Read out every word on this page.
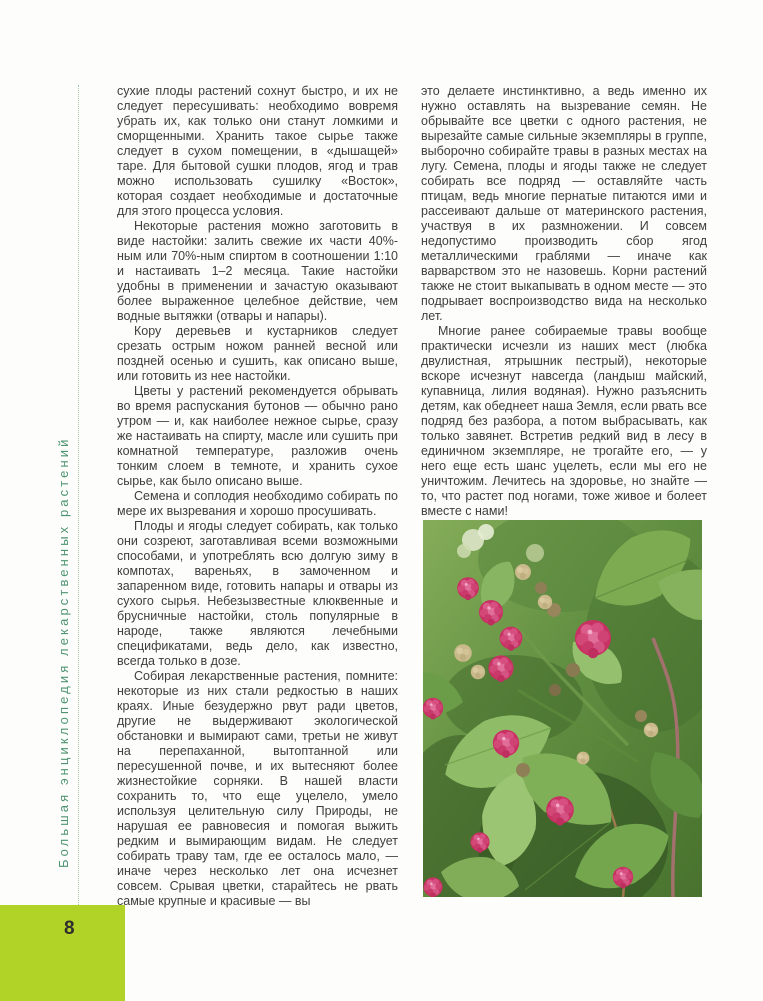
Большая энциклопедия лекарственных растений
8

сухие плоды растений сохнут быстро, и их не следует пересушивать: необходимо вовремя убрать их, как только они станут ломкими и сморщенными. Хранить такое сырье также следует в сухом помещении, в «дышащей» таре. Для бытовой сушки плодов, ягод и трав можно использовать сушилку «Восток», которая создает необходимые и достаточные для этого процесса условия.

Некоторые растения можно заготовить в виде настойки: залить свежие их части 40%-ным или 70%-ным спиртом в соотношении 1:10 и настаивать 1–2 месяца. Такие настойки удобны в применении и зачастую оказывают более выраженное целебное действие, чем водные вытяжки (отвары и напары).

Кору деревьев и кустарников следует срезать острым ножом ранней весной или поздней осенью и сушить, как описано выше, или готовить из нее настойки.

Цветы у растений рекомендуется обрывать во время распускания бутонов — обычно рано утром — и, как наиболее нежное сырье, сразу же настаивать на спирту, масле или сушить при комнатной температуре, разложив очень тонким слоем в темноте, и хранить сухое сырье, как было описано выше.

Семена и соплодия необходимо собирать по мере их вызревания и хорошо просушивать.

Плоды и ягоды следует собирать, как только они созреют, заготавливая всеми возможными способами, и употреблять всю долгую зиму в компотах, вареньях, в замоченном и запаренном виде, готовить напары и отвары из сухого сырья. Небезызвестные клюквенные и брусничные настойки, столь популярные в народе, также являются лечебными спецификатами, ведь дело, как известно, всегда только в дозе.

Собирая лекарственные растения, помните: некоторые из них стали редкостью в наших краях. Иные безудержно рвут ради цветов, другие не выдерживают экологической обстановки и вымирают сами, третьи не живут на перепаханной, вытоптанной или пересушенной почве, и их вытесняют более жизнестойкие сорняки. В нашей власти сохранить то, что еще уцелело, умело используя целительную силу Природы, не нарушая ее равновесия и помогая выжить редким и вымирающим видам. Не следует собирать траву там, где ее осталось мало, — иначе через несколько лет она исчезнет совсем. Срывая цветки, старайтесь не рвать самые крупные и красивые — вы

это делаете инстинктивно, а ведь именно их нужно оставлять на вызревание семян. Не обрывайте все цветки с одного растения, не вырезайте самые сильные экземпляры в группе, выборочно собирайте травы в разных местах на лугу. Семена, плоды и ягоды также не следует собирать все подряд — оставляйте часть птицам, ведь многие пернатые питаются ими и рассеивают дальше от материнского растения, участвуя в их размножении. И совсем недопустимо производить сбор ягод металлическими граблями — иначе как варварством это не назовешь. Корни растений также не стоит выкапывать в одном месте — это подрывает воспроизводство вида на несколько лет.

Многие ранее собираемые травы вообще практически исчезли из наших мест (любка двулистная, ятрышник пестрый), некоторые вскоре исчезнут навсегда (ландыш майский, купавница, лилия водяная). Нужно разъяснить детям, как обеднеет наша Земля, если рвать все подряд без разбора, а потом выбрасывать, как только завянет. Встретив редкий вид в лесу в единичном экземпляре, не трогайте его, — у него еще есть шанс уцелеть, если мы его не уничтожим. Лечитесь на здоровье, но знайте — то, что растет под ногами, тоже живое и болеет вместе с нами!
